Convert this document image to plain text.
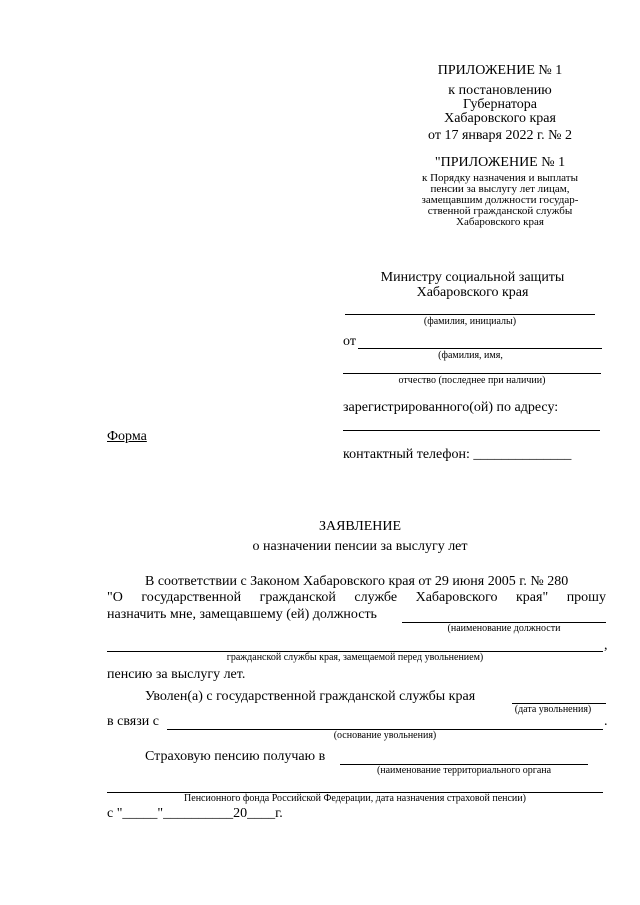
ПРИЛОЖЕНИЕ № 1
к постановлению
Губернатора
Хабаровского края
от 17 января 2022 г. № 2
"ПРИЛОЖЕНИЕ № 1
к Порядку назначения и выплаты
пенсии за выслугу лет лицам,
замещавшим должности государ-
ственной гражданской службы
Хабаровского края
Министру социальной защиты
Хабаровского края
(фамилия, инициалы)
от
(фамилия, имя,
отчество (последнее при наличии)
зарегистрированного(ой) по адресу:
Форма
контактный телефон: ______________
ЗАЯВЛЕНИЕ
о назначении пенсии за выслугу лет
В соответствии с Законом Хабаровского края от 29 июня 2005 г. № 280
"О государственной гражданской службе Хабаровского края" прошу
назначить мне, замещавшему (ей) должность
(наименование должности
,
гражданской службы края, замещаемой перед увольнением)
пенсию за выслугу лет.
Уволен(а) с государственной гражданской службы края
(дата увольнения)
в связи с	.
(основание увольнения)
Страховую пенсию получаю в
(наименование территориального органа
Пенсионного фонда Российской Федерации, дата назначения страховой пенсии)
с "_____"__________20____г.
